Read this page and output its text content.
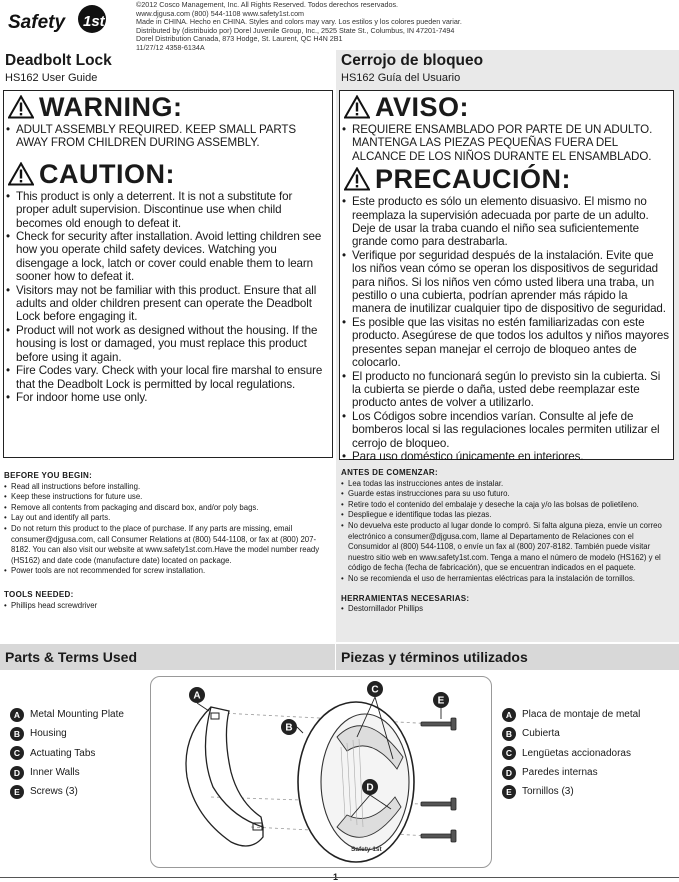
Safety 1st
©2012 Cosco Management, Inc. All Rights Reserved. Todos derechos reservados.
www.djgusa.com (800) 544-1108 www.safety1st.com
Made in CHINA. Hecho en CHINA. Styles and colors may vary. Los estilos y los colores pueden variar.
Distributed by (distribuido por) Dorel Juvenile Group, Inc., 2525 State St., Columbus, IN 47201-7494
Dorel Distribution Canada, 873 Hodge, St. Laurent, QC H4N 2B1
11/27/12 4358-6134A
Deadbolt Lock
HS162 User Guide
Cerrojo de bloqueo
HS162 Guía del Usuario
WARNING:
• ADULT ASSEMBLY REQUIRED. KEEP SMALL PARTS AWAY FROM CHILDREN DURING ASSEMBLY.
CAUTION:
• This product is only a deterrent. It is not a substitute for proper adult supervision. Discontinue use when child becomes old enough to defeat it.
• Check for security after installation. Avoid letting children see how you operate child safety devices. Watching you disengage a lock, latch or cover could enable them to learn sooner how to defeat it.
• Visitors may not be familiar with this product. Ensure that all adults and older children present can operate the Deadbolt Lock before engaging it.
• Product will not work as designed without the housing. If the housing is lost or damaged, you must replace this product before using it again.
• Fire Codes vary. Check with your local fire marshal to ensure that the Deadbolt Lock is permitted by local regulations.
• For indoor home use only.
AVISO:
• REQUIERE ENSAMBLADO POR PARTE DE UN ADULTO. MANTENGA LAS PIEZAS PEQUEÑAS FUERA DEL ALCANCE DE LOS NIÑOS DURANTE EL ENSAMBLADO.
PRECAUCIÓN:
• Este producto es sólo un elemento disuasivo. El mismo no reemplaza la supervisión adecuada por parte de un adulto. Deje de usar la traba cuando el niño sea suficientemente grande como para destrabarla.
• Verifique por seguridad después de la instalación. Evite que los niños vean cómo se operan los dispositivos de seguridad para niños. Si los niños ven cómo usted libera una traba, un pestillo o una cubierta, podrían aprender más rápido la manera de inutilizar cualquier tipo de dispositivo de seguridad.
• Es posible que las visitas no estén familiarizadas con este producto. Asegúrese de que todos los adultos y niños mayores presentes sepan manejar el cerrojo de bloqueo antes de colocarlo.
• El producto no funcionará según lo previsto sin la cubierta. Si la cubierta se pierde o daña, usted debe reemplazar este producto antes de volver a utilizarlo.
• Los Códigos sobre incendios varían. Consulte al jefe de bomberos local si las regulaciones locales permiten utilizar el cerrojo de bloqueo.
• Para uso doméstico únicamente en interiores.
BEFORE YOU BEGIN:
• Read all instructions before installing.
• Keep these instructions for future use.
• Remove all contents from packaging and discard box, and/or poly bags.
• Lay out and identify all parts.
• Do not return this product to the place of purchase. If any parts are missing, email consumer@djgusa.com, call Consumer Relations at (800) 544-1108, or fax at (800) 207-8182. You can also visit our website at www.safety1st.com.Have the model number ready (HS162) and date code (manufacture date) located on package.
• Power tools are not recommended for screw installation.
TOOLS NEEDED:
• Phillips head screwdriver
ANTES DE COMENZAR:
• Lea todas las instrucciones antes de instalar.
• Guarde estas instrucciones para su uso futuro.
• Retire todo el contenido del embalaje y deseche la caja y/o las bolsas de polietileno.
• Despliegue e identifique todas las piezas.
• No devuelva este producto al lugar donde lo compró. Si falta alguna pieza, envíe un correo electrónico a consumer@djgusa.com, llame al Departamento de Relaciones con el Consumidor al (800) 544-1108, o envíe un fax al (800) 207-8182. También puede visitar nuestro sitio web en www.safety1st.com. Tenga a mano el número de modelo (HS162) y el código de fecha (fecha de fabricación), que se encuentran indicados en el paquete.
• No se recomienda el uso de herramientas eléctricas para la instalación de tornillos.
HERRAMIENTAS NECESARIAS:
• Destornillador Phillips
Parts & Terms Used	Piezas y términos utilizados
A Metal Mounting Plate
B Housing
C Actuating Tabs
D Inner Walls
E	Screws (3)
A Placa de montaje de metal
B Cubierta
C Lengüetas accionadoras
D Paredes internas
E	Tornillos (3)
Safety 1st
A
B
C
D
E
